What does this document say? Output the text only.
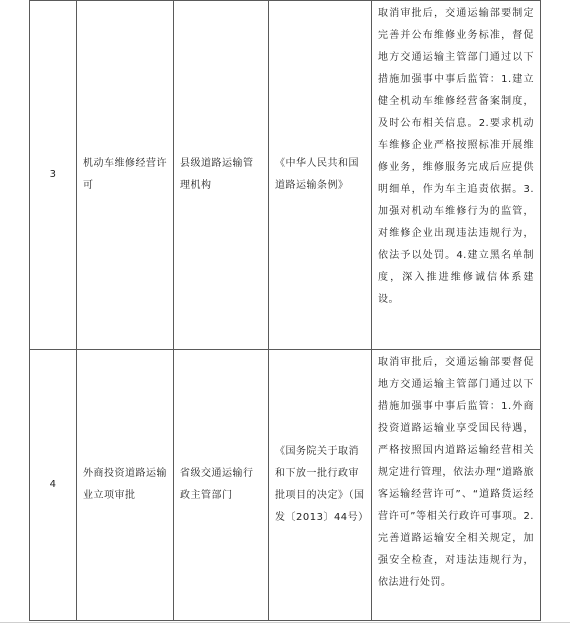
3	机动车维修经营许可	县级道路运输管理机构	《中华人民共和国道路运输条例》	取消审批后，交通运输部要制定完善并公布维修业务标准，督促地方交通运输主管部门通过以下措施加强事中事后监管：1.建立健全机动车维修经营备案制度，及时公布相关信息。2.要求机动车维修企业严格按照标准开展维修业务，维修服务完成后应提供明细单，作为车主追责依据。3.加强对机动车维修行为的监管，对维修企业出现违法违规行为，依法予以处罚。4.建立黑名单制度，深入推进维修诚信体系建设。
4	外商投资道路运输业立项审批	省级交通运输行政主管部门	《国务院关于取消和下放一批行政审批项目的决定》（国发〔2013〕44号）	取消审批后，交通运输部要督促地方交通运输主管部门通过以下措施加强事中事后监管：1.外商投资道路运输业享受国民待遇，严格按照国内道路运输经营相关规定进行管理，依法办理“道路旅客运输经营许可”、“道路货运经营许可”等相关行政许可事项。2.完善道路运输安全相关规定，加强安全检查，对违法违规行为，依法进行处罚。
